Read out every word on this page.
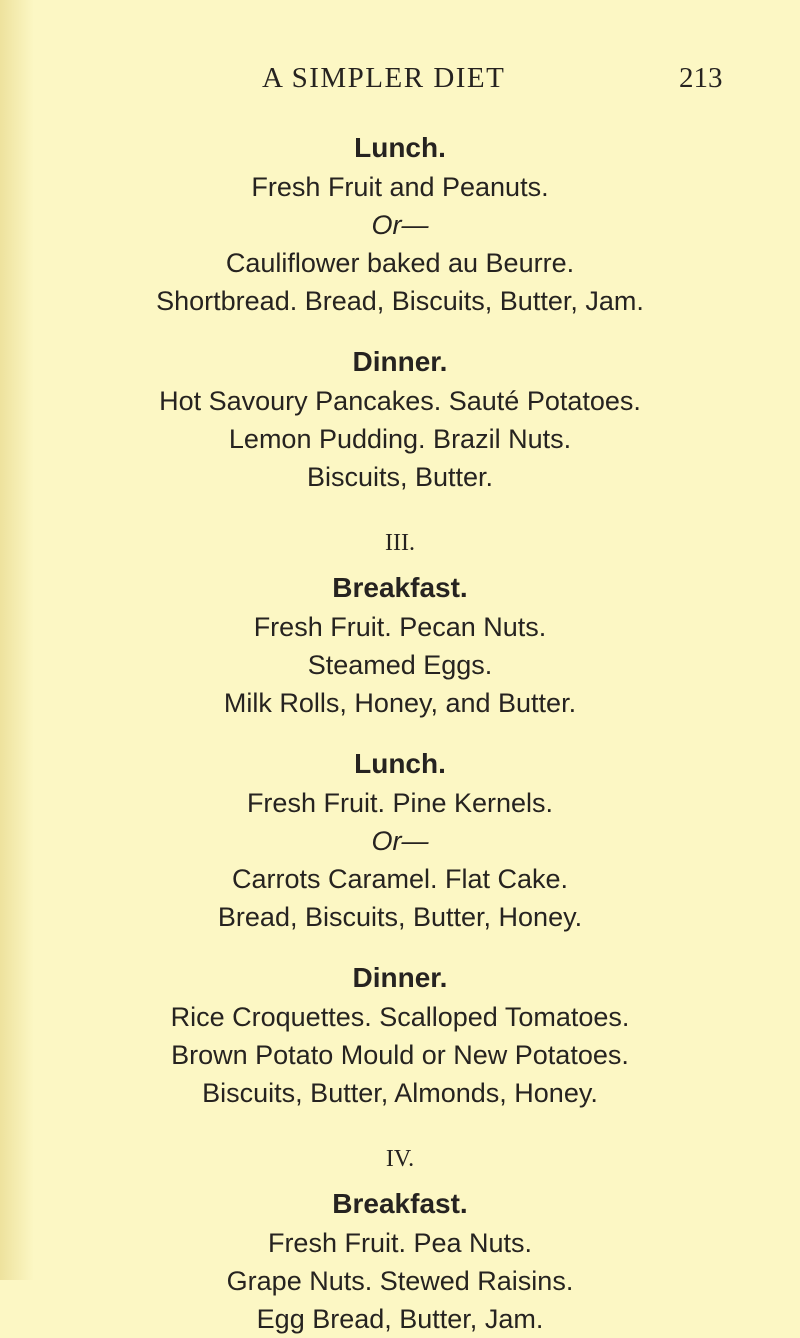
A SIMPLER DIET	213
Lunch.
Fresh Fruit and Peanuts.
Or—
Cauliflower baked au Beurre.
Shortbread. Bread, Biscuits, Butter, Jam.
Dinner.
Hot Savoury Pancakes. Sauté Potatoes.
Lemon Pudding. Brazil Nuts.
Biscuits, Butter.
III.
Breakfast.
Fresh Fruit. Pecan Nuts.
Steamed Eggs.
Milk Rolls, Honey, and Butter.
Lunch.
Fresh Fruit. Pine Kernels.
Or—
Carrots Caramel. Flat Cake.
Bread, Biscuits, Butter, Honey.
Dinner.
Rice Croquettes. Scalloped Tomatoes.
Brown Potato Mould or New Potatoes.
Biscuits, Butter, Almonds, Honey.
IV.
Breakfast.
Fresh Fruit. Pea Nuts.
Grape Nuts. Stewed Raisins.
Egg Bread, Butter, Jam.
